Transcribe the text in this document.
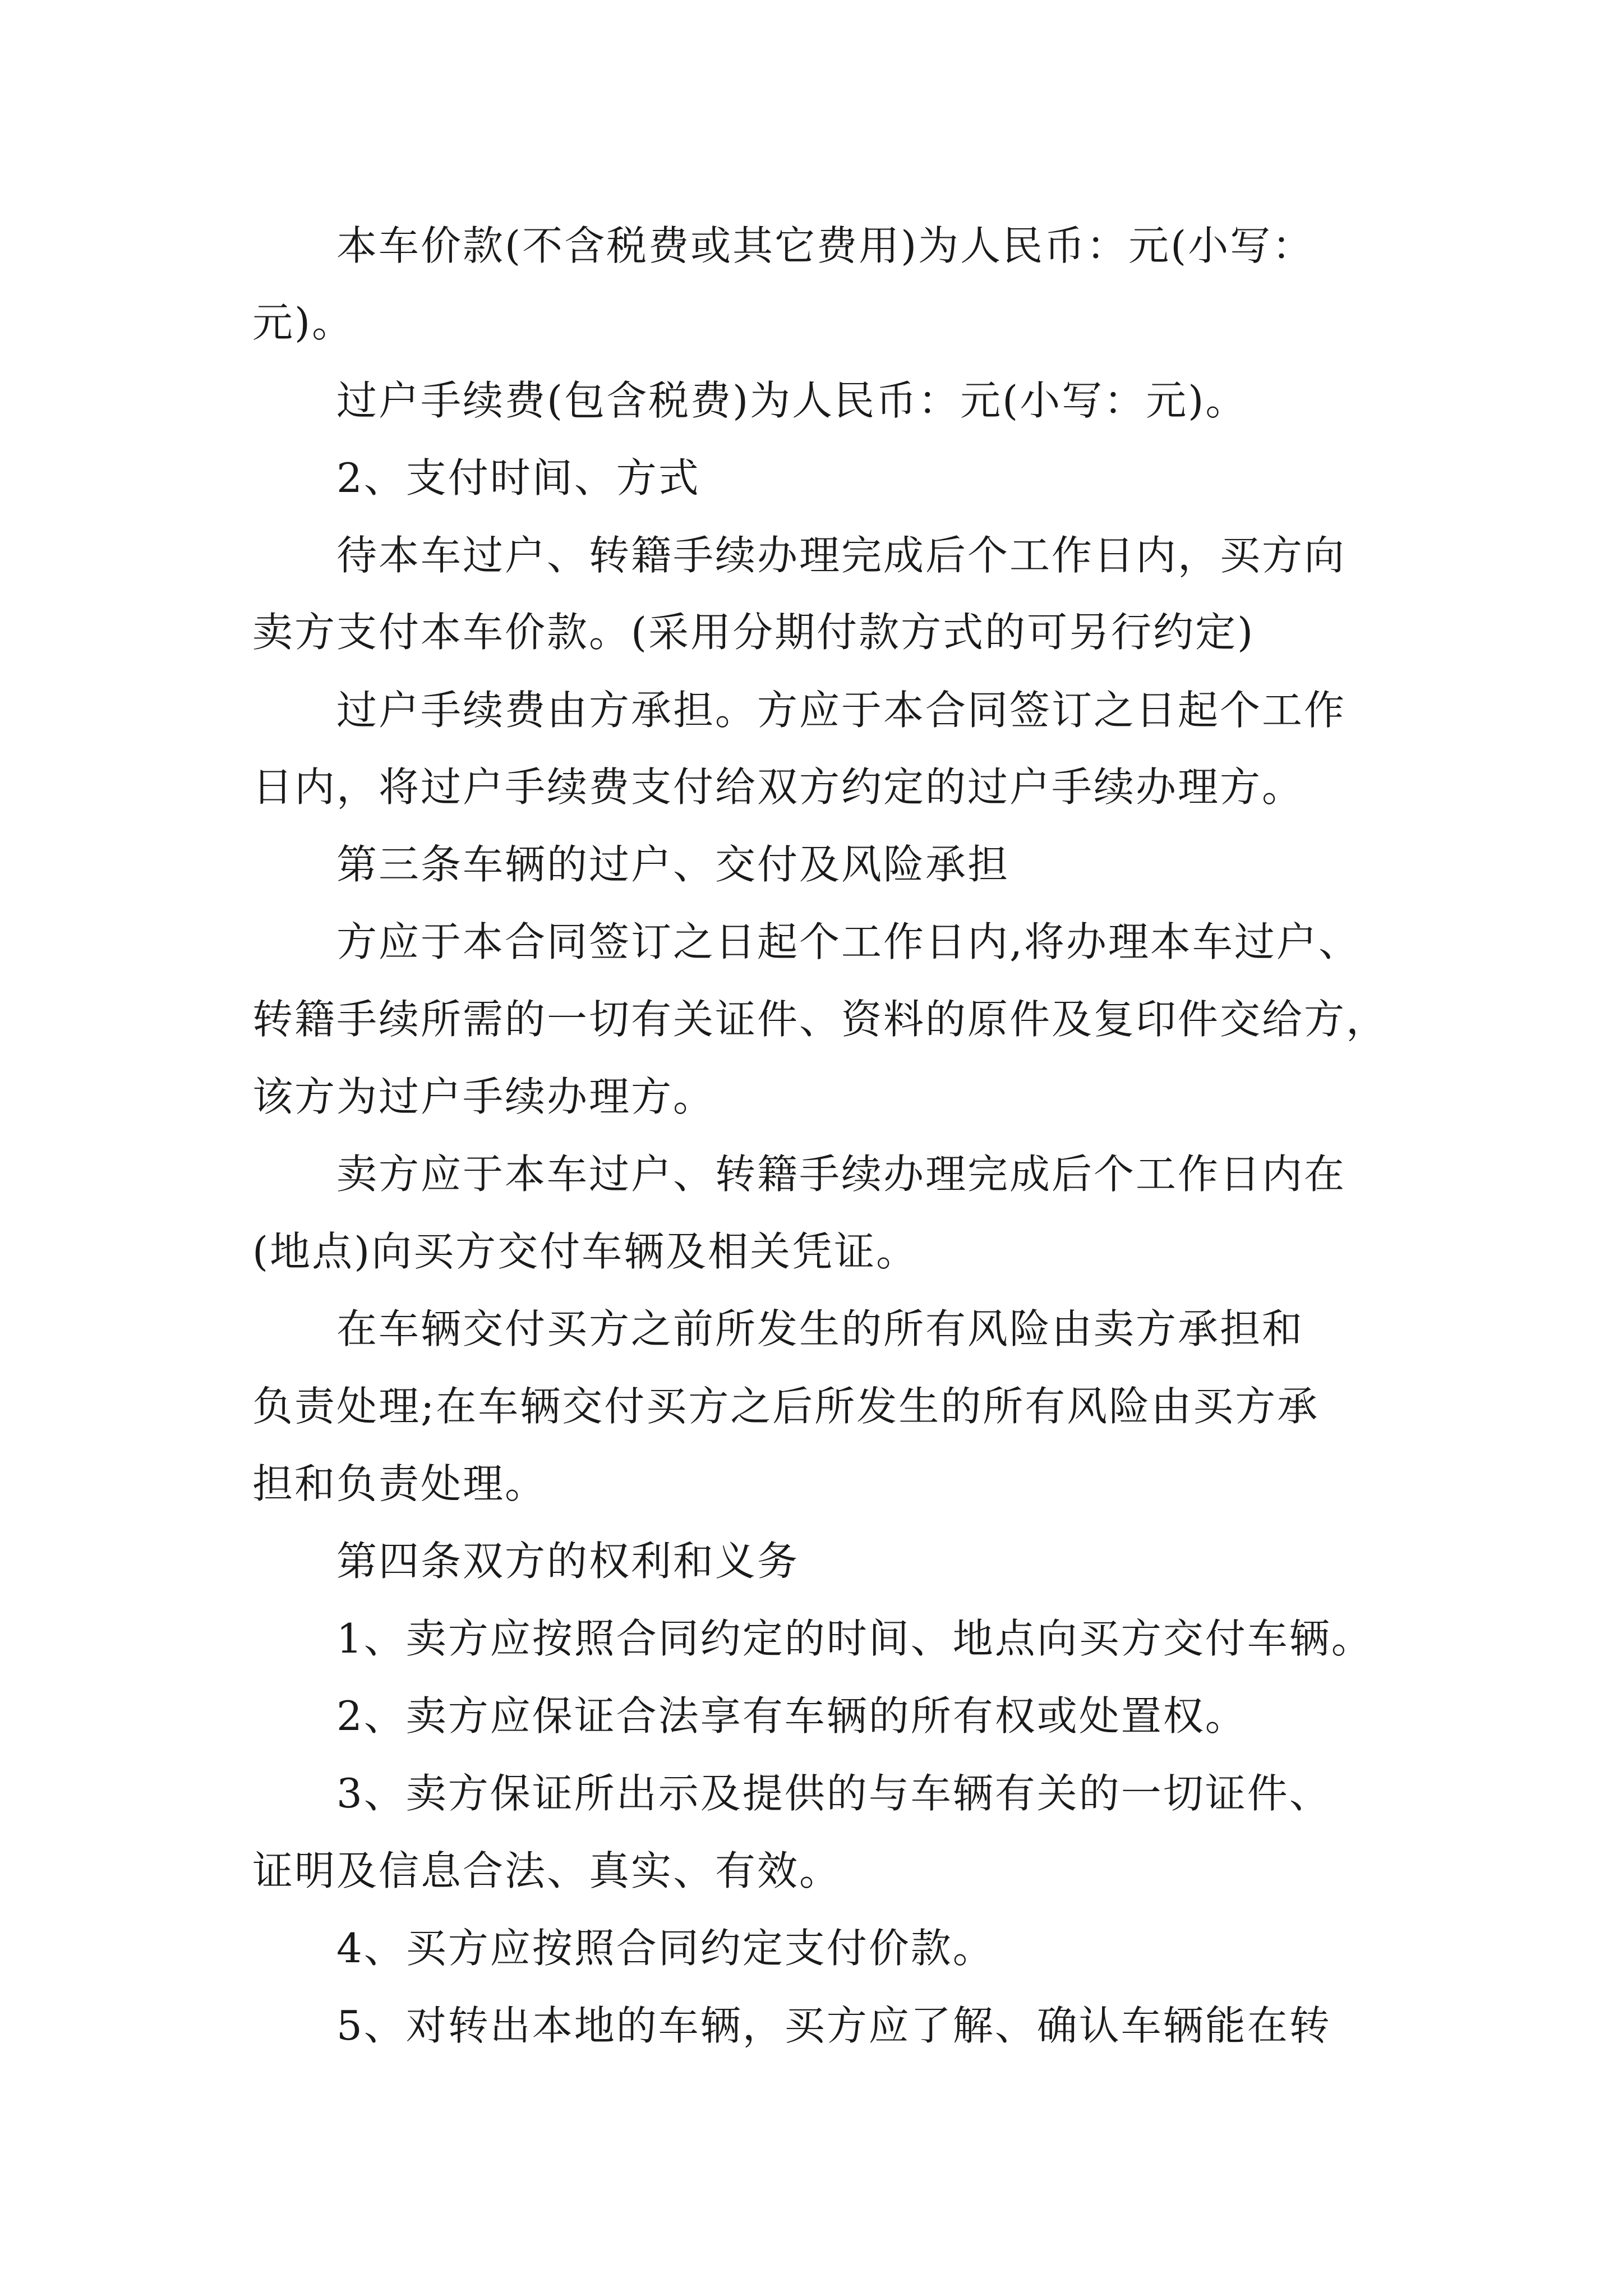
本车价款(不含税费或其它费用)为人民币：元(小写：

元)。

过户手续费(包含税费)为人民币：元(小写：元)。

2、支付时间、方式

待本车过户、转籍手续办理完成后个工作日内，买方向

卖方支付本车价款。(采用分期付款方式的可另行约定)

过户手续费由方承担。方应于本合同签订之日起个工作

日内，将过户手续费支付给双方约定的过户手续办理方。

第三条车辆的过户、交付及风险承担

方应于本合同签订之日起个工作日内,将办理本车过户、

转籍手续所需的一切有关证件、资料的原件及复印件交给方，

该方为过户手续办理方。

卖方应于本车过户、转籍手续办理完成后个工作日内在

(地点)向买方交付车辆及相关凭证。

在车辆交付买方之前所发生的所有风险由卖方承担和

负责处理;在车辆交付买方之后所发生的所有风险由买方承

担和负责处理。

第四条双方的权利和义务

1、卖方应按照合同约定的时间、地点向买方交付车辆。

2、卖方应保证合法享有车辆的所有权或处置权。

3、卖方保证所出示及提供的与车辆有关的一切证件、

证明及信息合法、真实、有效。

4、买方应按照合同约定支付价款。

5、对转出本地的车辆，买方应了解、确认车辆能在转
